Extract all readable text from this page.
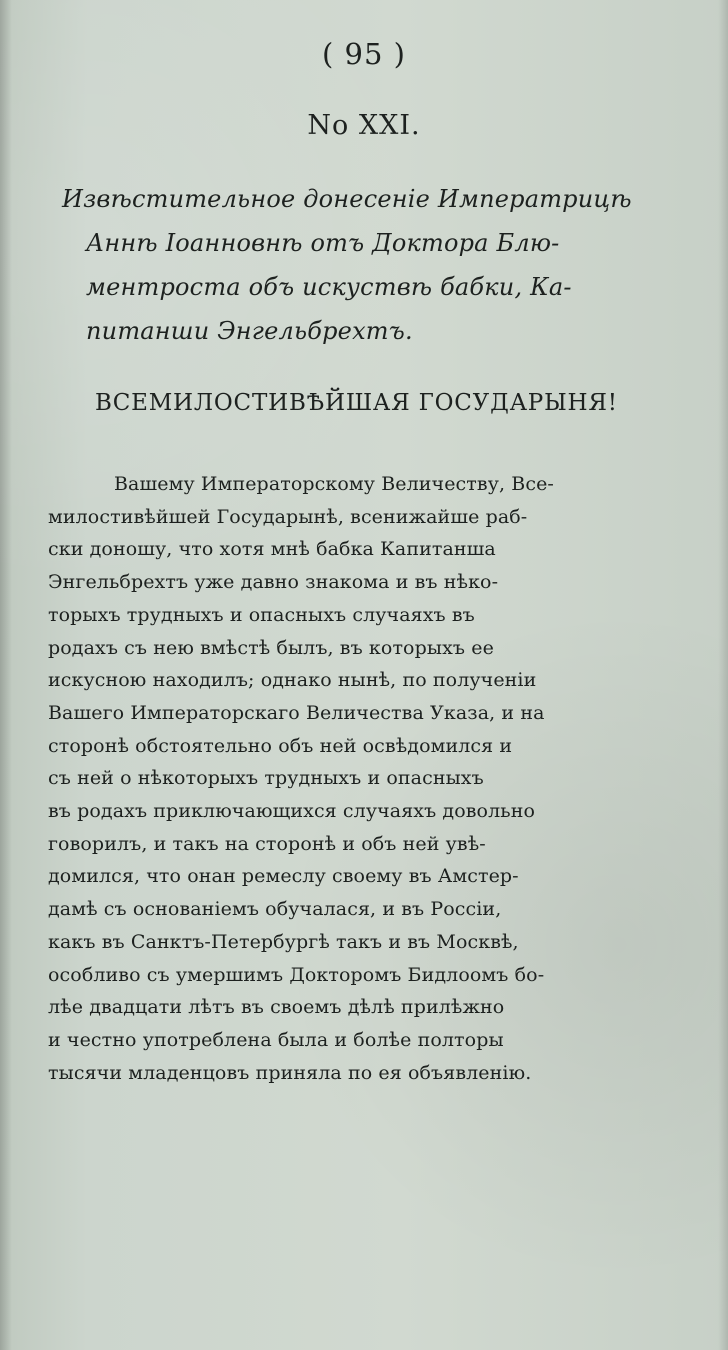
( 95 )
No XXI.
Извѣстительное донесенiе Императрицѣ
Аннѣ Iоанновнѣ отъ Доктора Блю-
ментроста объ искуствѣ бабки, Ка-
питанши Энгельбрехтъ.
ВСЕМИЛОСТИВѢЙШАЯ ГОСУДАРЫНЯ!
Вашему Императорскому Величеству, Все-
милостивѣйшей Государынѣ, всенижайше раб-
ски доношу, что хотя мнѣ бабка Капитанша
Энгельбрехтъ уже давно знакома и въ нѣко-
торыхъ трудныхъ и опасныхъ случаяхъ въ
родахъ съ нею вмѣстѣ былъ, въ которыхъ ее
искусною находилъ; однако нынѣ, по полученiи
Вашего Императорскаго Величества Указа, и на
сторонѣ обстоятельно объ ней освѣдомился и
съ ней о нѣкоторыхъ трудныхъ и опасныхъ
въ родахъ приключающихся случаяхъ довольно
говорилъ, и такъ на сторонѣ и объ ней увѣ-
домился, что онан ремеслу своему въ Амстер-
дамѣ съ основанiемъ обучалася, и въ Россiи,
какъ въ Санктъ-Петербургѣ такъ и въ Москвѣ,
особливо съ умершимъ Докторомъ Бидлоомъ бо-
лѣе двадцати лѣтъ въ своемъ дѣлѣ прилѣжно
и честно употреблена была и болѣе полторы
тысячи младенцовъ приняла по ея объявленiю.
